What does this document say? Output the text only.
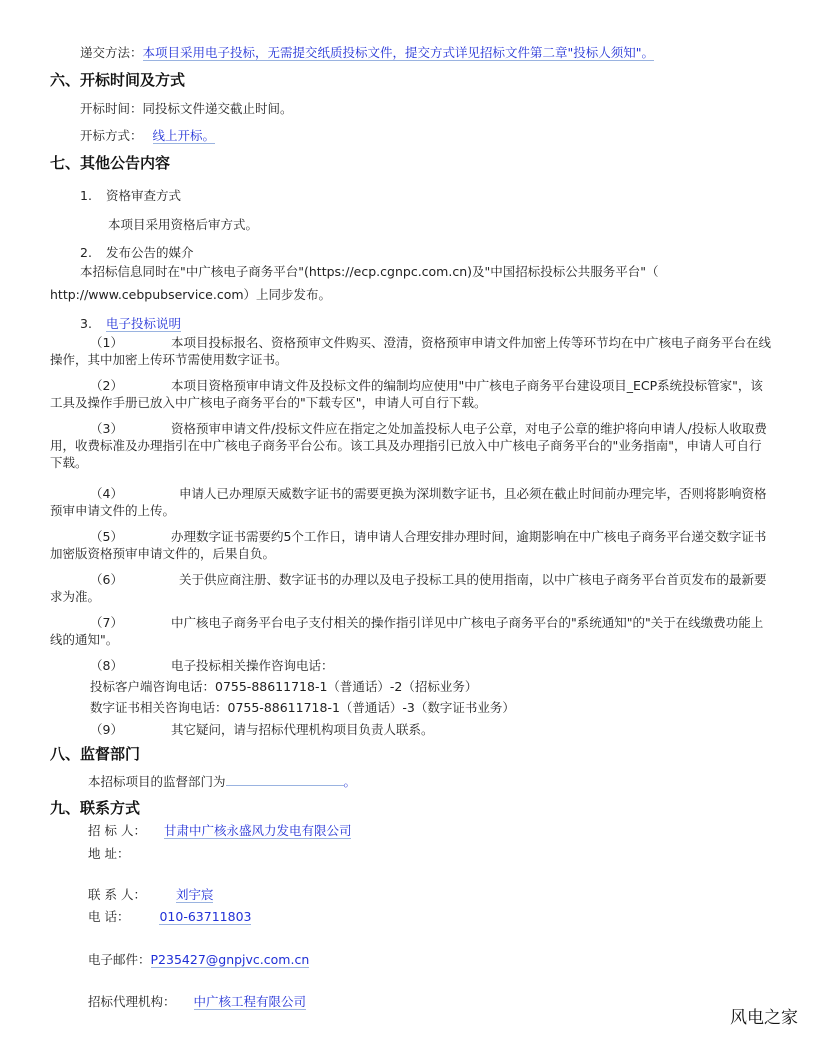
递交方法：本项目采用电子投标，无需提交纸质投标文件，提交方式详见招标文件第二章"投标人须知"。
六、开标时间及方式
开标时间：同投标文件递交截止时间。
开标方式： 线上开标。
七、其他公告内容
1. 资格审查方式
本项目采用资格后审方式。
2. 发布公告的媒介
本招标信息同时在"中广核电子商务平台"(https://ecp.cgnpc.com.cn)及"中国招标投标公共服务平台"（
http://www.cebpubservice.com）上同步发布。
3. 电子投标说明
（1）	本项目投标报名、资格预审文件购买、澄清，资格预审申请文件加密上传等环节均在中广核电子商务平台在线操作，其中加密上传环节需使用数字证书。
（2）	本项目资格预审申请文件及投标文件的编制均应使用"中广核电子商务平台建设项目_ECP系统投标管家"，该工具及操作手册已放入中广核电子商务平台的"下载专区"，申请人可自行下载。
（3）	资格预审申请文件/投标文件应在指定之处加盖投标人电子公章，对电子公章的维护将向申请人/投标人收取费用，收费标准及办理指引在中广核电子商务平台公布。该工具及办理指引已放入中广核电子商务平台的"业务指南"，申请人可自行下载。
（4）	申请人已办理原天威数字证书的需要更换为深圳数字证书，且必须在截止时间前办理完毕，否则将影响资格预审申请文件的上传。
（5）	办理数字证书需要约5个工作日，请申请人合理安排办理时间，逾期影响在中广核电子商务平台递交数字证书加密版资格预审申请文件的，后果自负。
（6）	关于供应商注册、数字证书的办理以及电子投标工具的使用指南，以中广核电子商务平台首页发布的最新要求为准。
（7）	中广核电子商务平台电子支付相关的操作指引详见中广核电子商务平台的"系统通知"的"关于在线缴费功能上线的通知"。
（8）	电子投标相关操作咨询电话：
投标客户端咨询电话：0755-88611718-1（普通话）-2（招标业务）
数字证书相关咨询电话：0755-88611718-1（普通话）-3（数字证书业务）
（9）	其它疑问，请与招标代理机构项目负责人联系。
八、监督部门
本招标项目的监督部门为	。
九、联系方式
招 标 人： 甘肃中广核永盛风力发电有限公司
地 址：
联 系 人： 刘宇宸
电 话： 010-63711803
电子邮件：P235427@gnpjvc.com.cn
招标代理机构： 中广核工程有限公司
风电之家
